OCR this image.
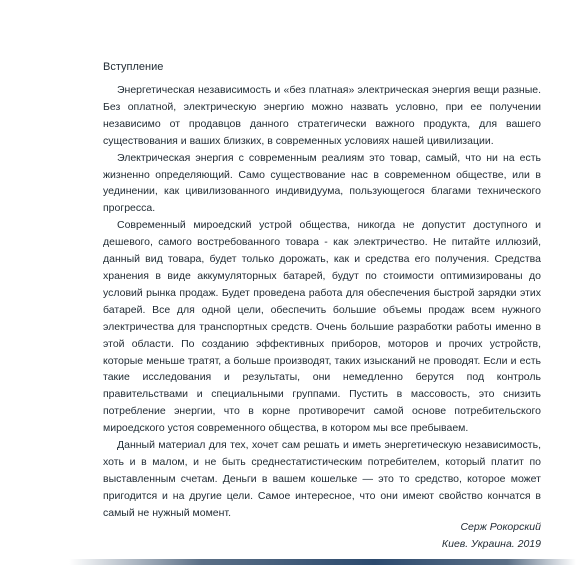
Вступление

Энергетическая независимость и «без платная» электрическая энергия вещи разные. Без оплатной, электрическую энергию можно назвать условно, при ее получении независимо от продавцов данного стратегически важного продукта, для вашего существования и ваших близких, в современных условиях нашей цивилизации.

Электрическая энергия с современным реалиям это товар, самый, что ни на есть жизненно определяющий. Само существование нас в современном обществе, или в уединении, как цивилизованного индивидуума, пользующегося благами технического прогресса.

Современный мироедский устрой общества, никогда не допустит доступного и дешевого, самого востребованного товара - как электричество. Не питайте иллюзий, данный вид товара, будет только дорожать, как и средства его получения. Средства хранения в виде аккумуляторных батарей, будут по стоимости оптимизированы до условий рынка продаж. Будет проведена работа для обеспечения быстрой зарядки этих батарей. Все для одной цели, обеспечить большие объемы продаж всем нужного электричества для транспортных средств. Очень большие разработки работы именно в этой области. По созданию эффективных приборов, моторов и прочих устройств, которые меньше тратят, а больше производят, таких изысканий не проводят. Если и есть такие исследования и результаты, они немедленно берутся под контроль правительствами и специальными группами. Пустить в массовость, это снизить потребление энергии, что в корне противоречит самой основе потребительского мироедского устоя современного общества, в котором мы все пребываем.

Данный материал для тех, хочет сам решать и иметь энергетическую независимость, хоть и в малом, и не быть среднестатистическим потребителем, который платит по выставленным счетам. Деньги в вашем кошельке — это то средство, которое может пригодится и на другие цели. Самое интересное, что они имеют свойство кончатся в самый не нужный момент.

Серж Рокорский
Киев. Украина. 2019
